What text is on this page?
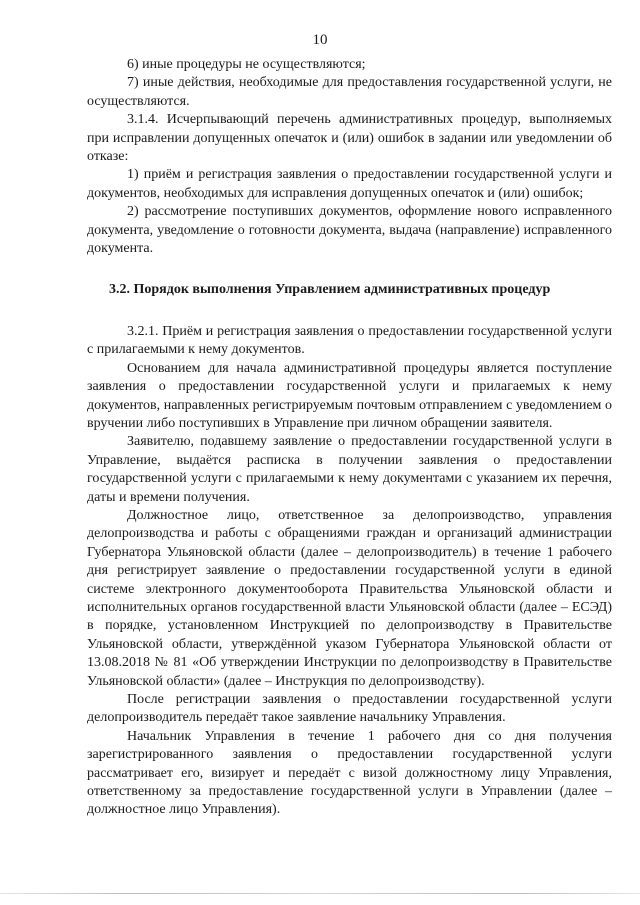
10

6) иные процедуры не осуществляются;

7) иные действия, необходимые для предоставления государственной услуги, не осуществляются.

3.1.4. Исчерпывающий перечень административных процедур, выполняемых при исправлении допущенных опечаток и (или) ошибок в задании или уведомлении об отказе:

1) приём и регистрация заявления о предоставлении государственной услуги и документов, необходимых для исправления допущенных опечаток и (или) ошибок;

2) рассмотрение поступивших документов, оформление нового исправленного документа, уведомление о готовности документа, выдача (направление) исправленного документа.

3.2. Порядок выполнения Управлением административных процедур

3.2.1. Приём и регистрация заявления о предоставлении государственной услуги с прилагаемыми к нему документов.

Основанием для начала административной процедуры является поступление заявления о предоставлении государственной услуги и прилагаемых к нему документов, направленных регистрируемым почтовым отправлением с уведомлением о вручении либо поступивших в Управление при личном обращении заявителя.

Заявителю, подавшему заявление о предоставлении государственной услуги в Управление, выдаётся расписка в получении заявления о предоставлении государственной услуги с прилагаемыми к нему документами с указанием их перечня, даты и времени получения.

Должностное лицо, ответственное за делопроизводство, управления делопроизводства и работы с обращениями граждан и организаций администрации Губернатора Ульяновской области (далее – делопроизводитель) в течение 1 рабочего дня регистрирует заявление о предоставлении государственной услуги в единой системе электронного документооборота Правительства Ульяновской области и исполнительных органов государственной власти Ульяновской области (далее – ЕСЭД) в порядке, установленном Инструкцией по делопроизводству в Правительстве Ульяновской области, утверждённой указом Губернатора Ульяновской области от 13.08.2018 № 81 «Об утверждении Инструкции по делопроизводству в Правительстве Ульяновской области» (далее – Инструкция по делопроизводству).

После регистрации заявления о предоставлении государственной услуги делопроизводитель передаёт такое заявление начальнику Управления.

Начальник Управления в течение 1 рабочего дня со дня получения зарегистрированного заявления о предоставлении государственной услуги рассматривает его, визирует и передаёт с визой должностному лицу Управления, ответственному за предоставление государственной услуги в Управлении (далее – должностное лицо Управления).
